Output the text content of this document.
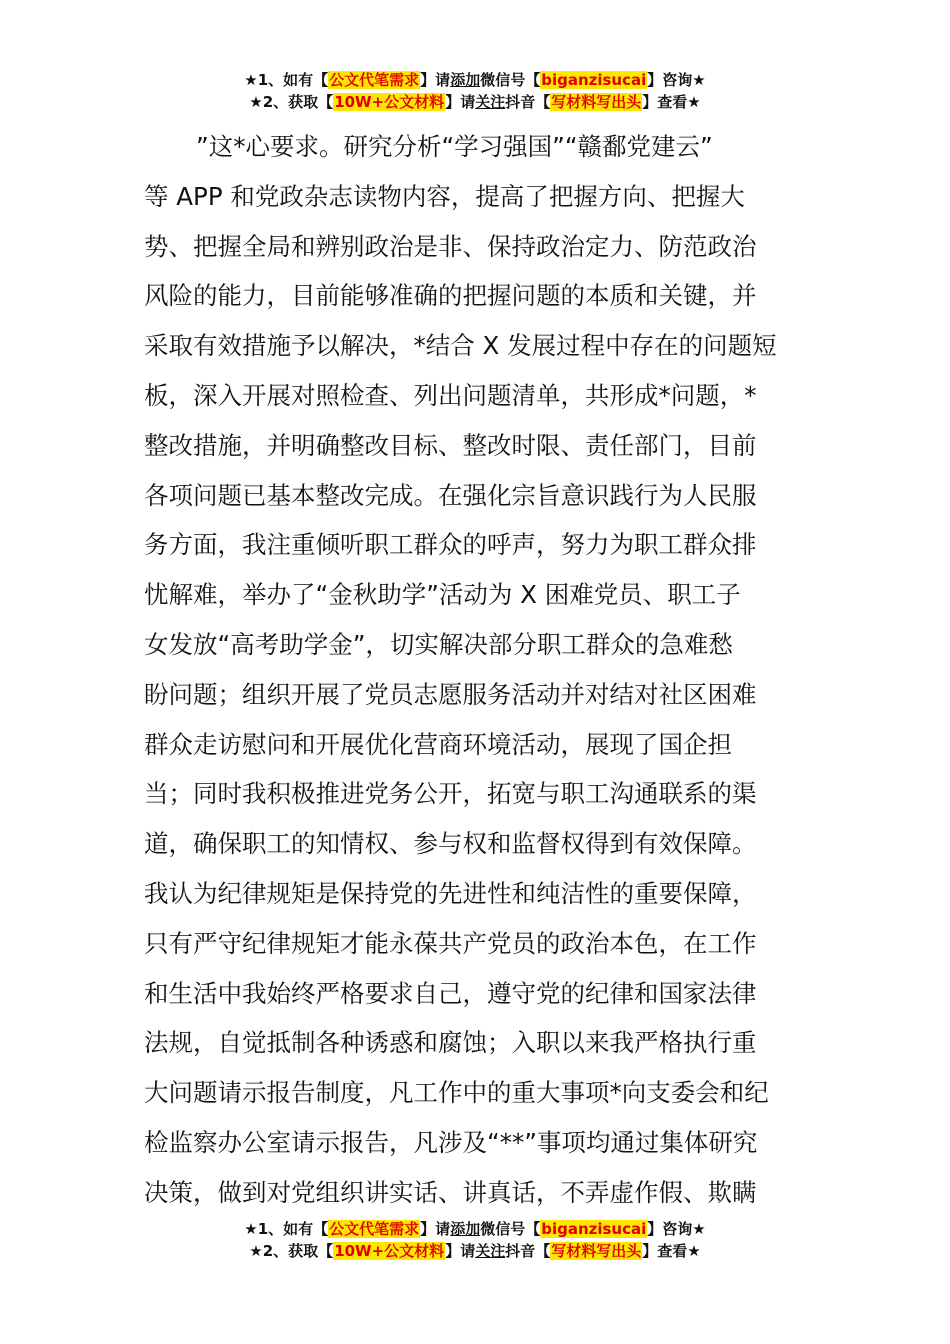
★1、如有【公文代笔需求】请添加微信号【biganzisucai】咨询★
★2、获取【10W+公文材料】请关注抖音【写材料写出头】查看★
”这*心要求。研究分析“学习强国”“赣鄱党建云”
等 APP 和党政杂志读物内容，提高了把握方向、把握大
势、把握全局和辨别政治是非、保持政治定力、防范政治
风险的能力，目前能够准确的把握问题的本质和关键，并
采取有效措施予以解决，*结合 X 发展过程中存在的问题短
板，深入开展对照检查、列出问题清单，共形成*问题，*
整改措施，并明确整改目标、整改时限、责任部门，目前
各项问题已基本整改完成。在强化宗旨意识践行为人民服
务方面，我注重倾听职工群众的呼声，努力为职工群众排
忧解难，举办了“金秋助学”活动为 X 困难党员、职工子
女发放“高考助学金”，切实解决部分职工群众的急难愁
盼问题；组织开展了党员志愿服务活动并对结对社区困难
群众走访慰问和开展优化营商环境活动，展现了国企担
当；同时我积极推进党务公开，拓宽与职工沟通联系的渠
道，确保职工的知情权、参与权和监督权得到有效保障。
我认为纪律规矩是保持党的先进性和纯洁性的重要保障，
只有严守纪律规矩才能永葆共产党员的政治本色，在工作
和生活中我始终严格要求自己，遵守党的纪律和国家法律
法规，自觉抵制各种诱惑和腐蚀；入职以来我严格执行重
大问题请示报告制度，凡工作中的重大事项*向支委会和纪
检监察办公室请示报告，凡涉及“**”事项均通过集体研究
决策，做到对党组织讲实话、讲真话，不弄虚作假、欺瞒
★1、如有【公文代笔需求】请添加微信号【biganzisucai】咨询★
★2、获取【10W+公文材料】请关注抖音【写材料写出头】查看★
